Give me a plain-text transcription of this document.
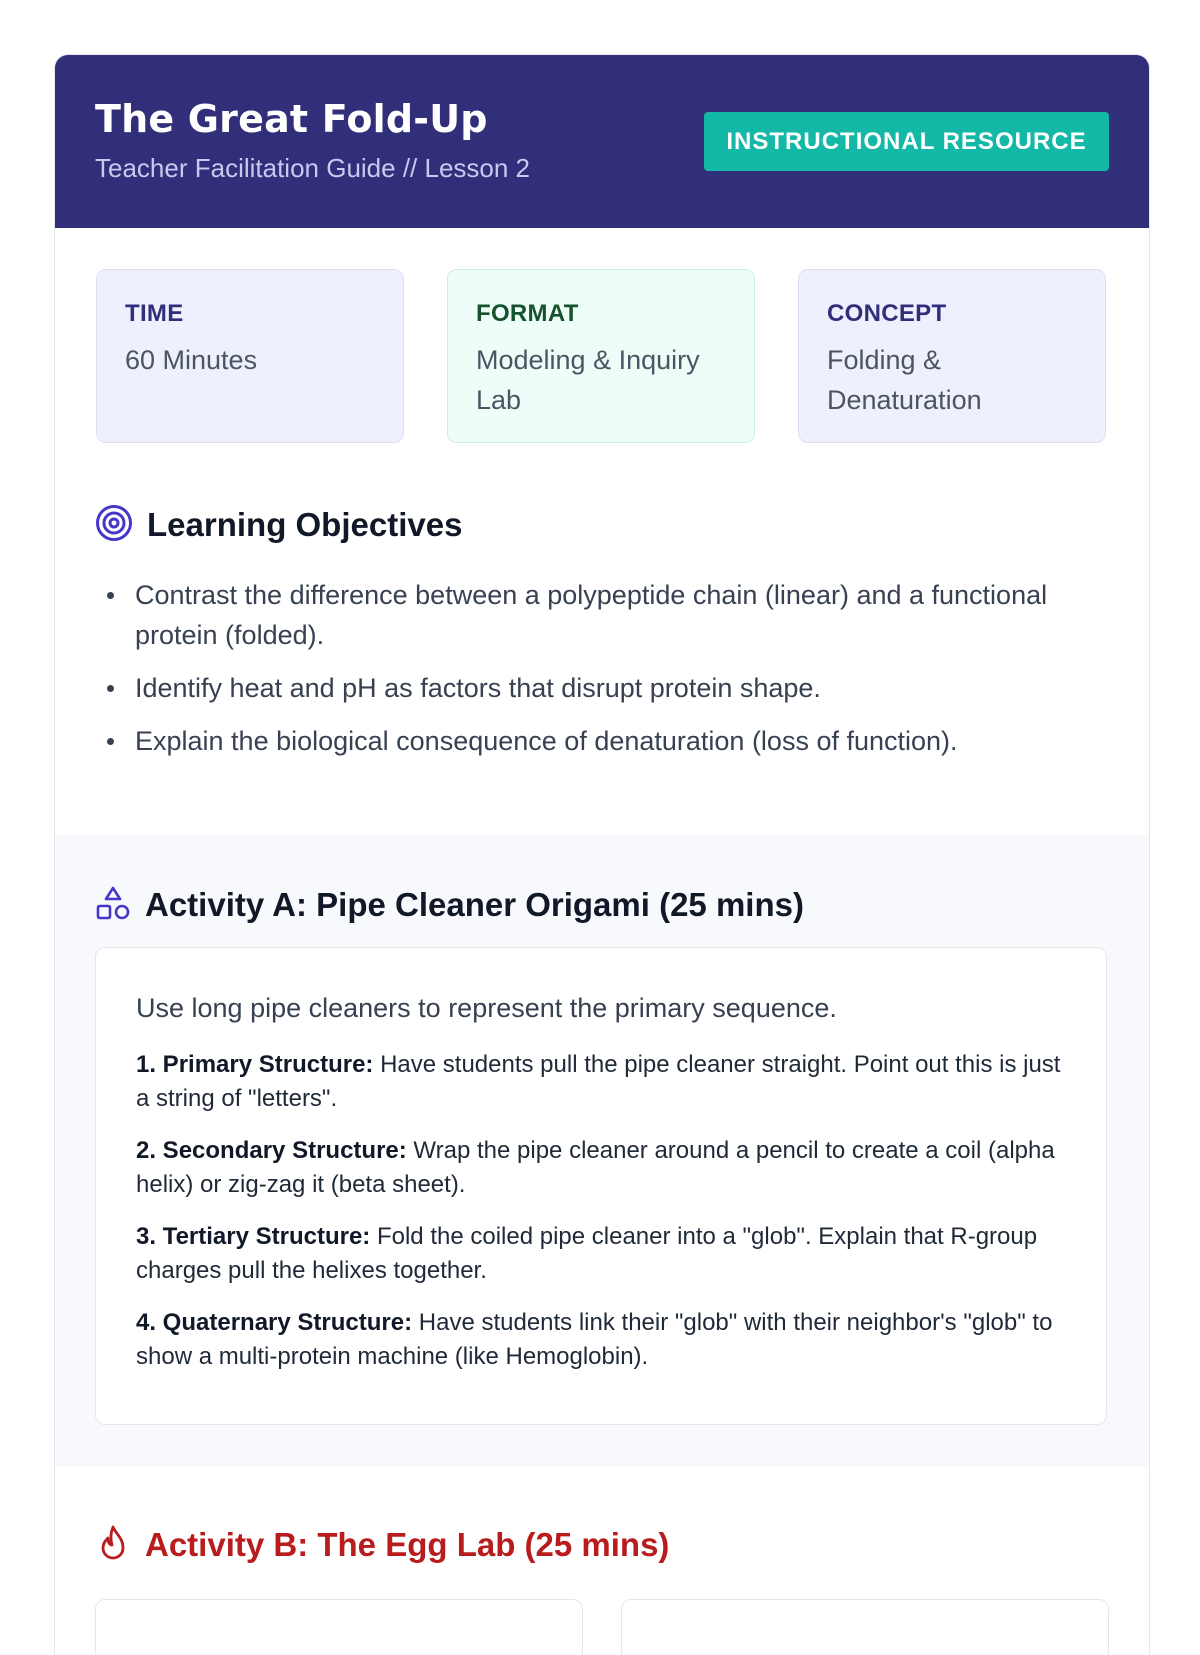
The Great Fold-Up
Teacher Facilitation Guide // Lesson 2
INSTRUCTIONAL RESOURCE
TIME
60 Minutes
FORMAT
Modeling & Inquiry Lab
CONCEPT
Folding & Denaturation
Learning Objectives
Contrast the difference between a polypeptide chain (linear) and a functional protein (folded).
Identify heat and pH as factors that disrupt protein shape.
Explain the biological consequence of denaturation (loss of function).
Activity A: Pipe Cleaner Origami (25 mins)

Use long pipe cleaners to represent the primary sequence.

1. Primary Structure: Have students pull the pipe cleaner straight. Point out this is just a string of "letters".

2. Secondary Structure: Wrap the pipe cleaner around a pencil to create a coil (alpha helix) or zig-zag it (beta sheet).

3. Tertiary Structure: Fold the coiled pipe cleaner into a "glob". Explain that R-group charges pull the helixes together.

4. Quaternary Structure: Have students link their "glob" with their neighbor's "glob" to show a multi-protein machine (like Hemoglobin).

Activity B: The Egg Lab (25 mins)
